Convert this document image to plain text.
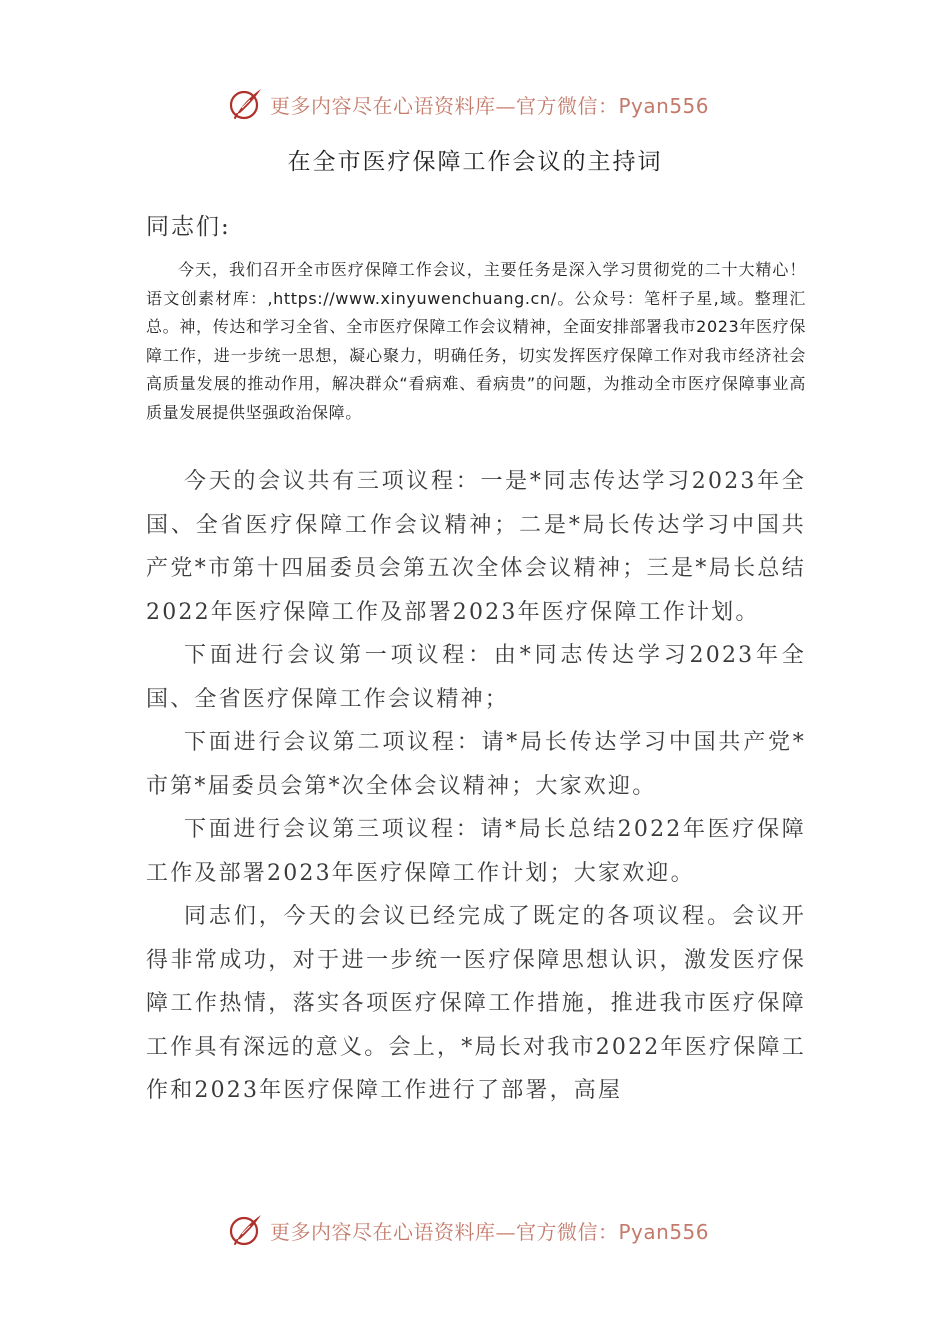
更多内容尽在心语资料库—官方微信：Pyan556
在全市医疗保障工作会议的主持词
同志们:
今天，我们召开全市医疗保障工作会议，主要任务是深入学习贯彻党的二十大精心！语文创素材库：,https://www.xinyuwenchuang.cn/。公众号：笔杆子星,域。整理汇总。神，传达和学习全省、全市医疗保障工作会议精神，全面安排部署我市2023年医疗保障工作，进一步统一思想，凝心聚力，明确任务，切实发挥医疗保障工作对我市经济社会高质量发展的推动作用，解决群众“看病难、看病贵”的问题，为推动全市医疗保障事业高质量发展提供坚强政治保障。

今天的会议共有三项议程：一是*同志传达学习2023年全国、全省医疗保障工作会议精神；二是*局长传达学习中国共产党*市第十四届委员会第五次全体会议精神；三是*局长总结2022年医疗保障工作及部署2023年医疗保障工作计划。

下面进行会议第一项议程：由*同志传达学习2023年全国、全省医疗保障工作会议精神；

下面进行会议第二项议程：请*局长传达学习中国共产党*市第*届委员会第*次全体会议精神；大家欢迎。

下面进行会议第三项议程：请*局长总结2022年医疗保障工作及部署2023年医疗保障工作计划；大家欢迎。

同志们，今天的会议已经完成了既定的各项议程。会议开得非常成功，对于进一步统一医疗保障思想认识，激发医疗保障工作热情，落实各项医疗保障工作措施，推进我市医疗保障工作具有深远的意义。会上，*局长对我市2022年医疗保障工作和2023年医疗保障工作进行了部署，高屋

更多内容尽在心语资料库—官方微信：Pyan556
